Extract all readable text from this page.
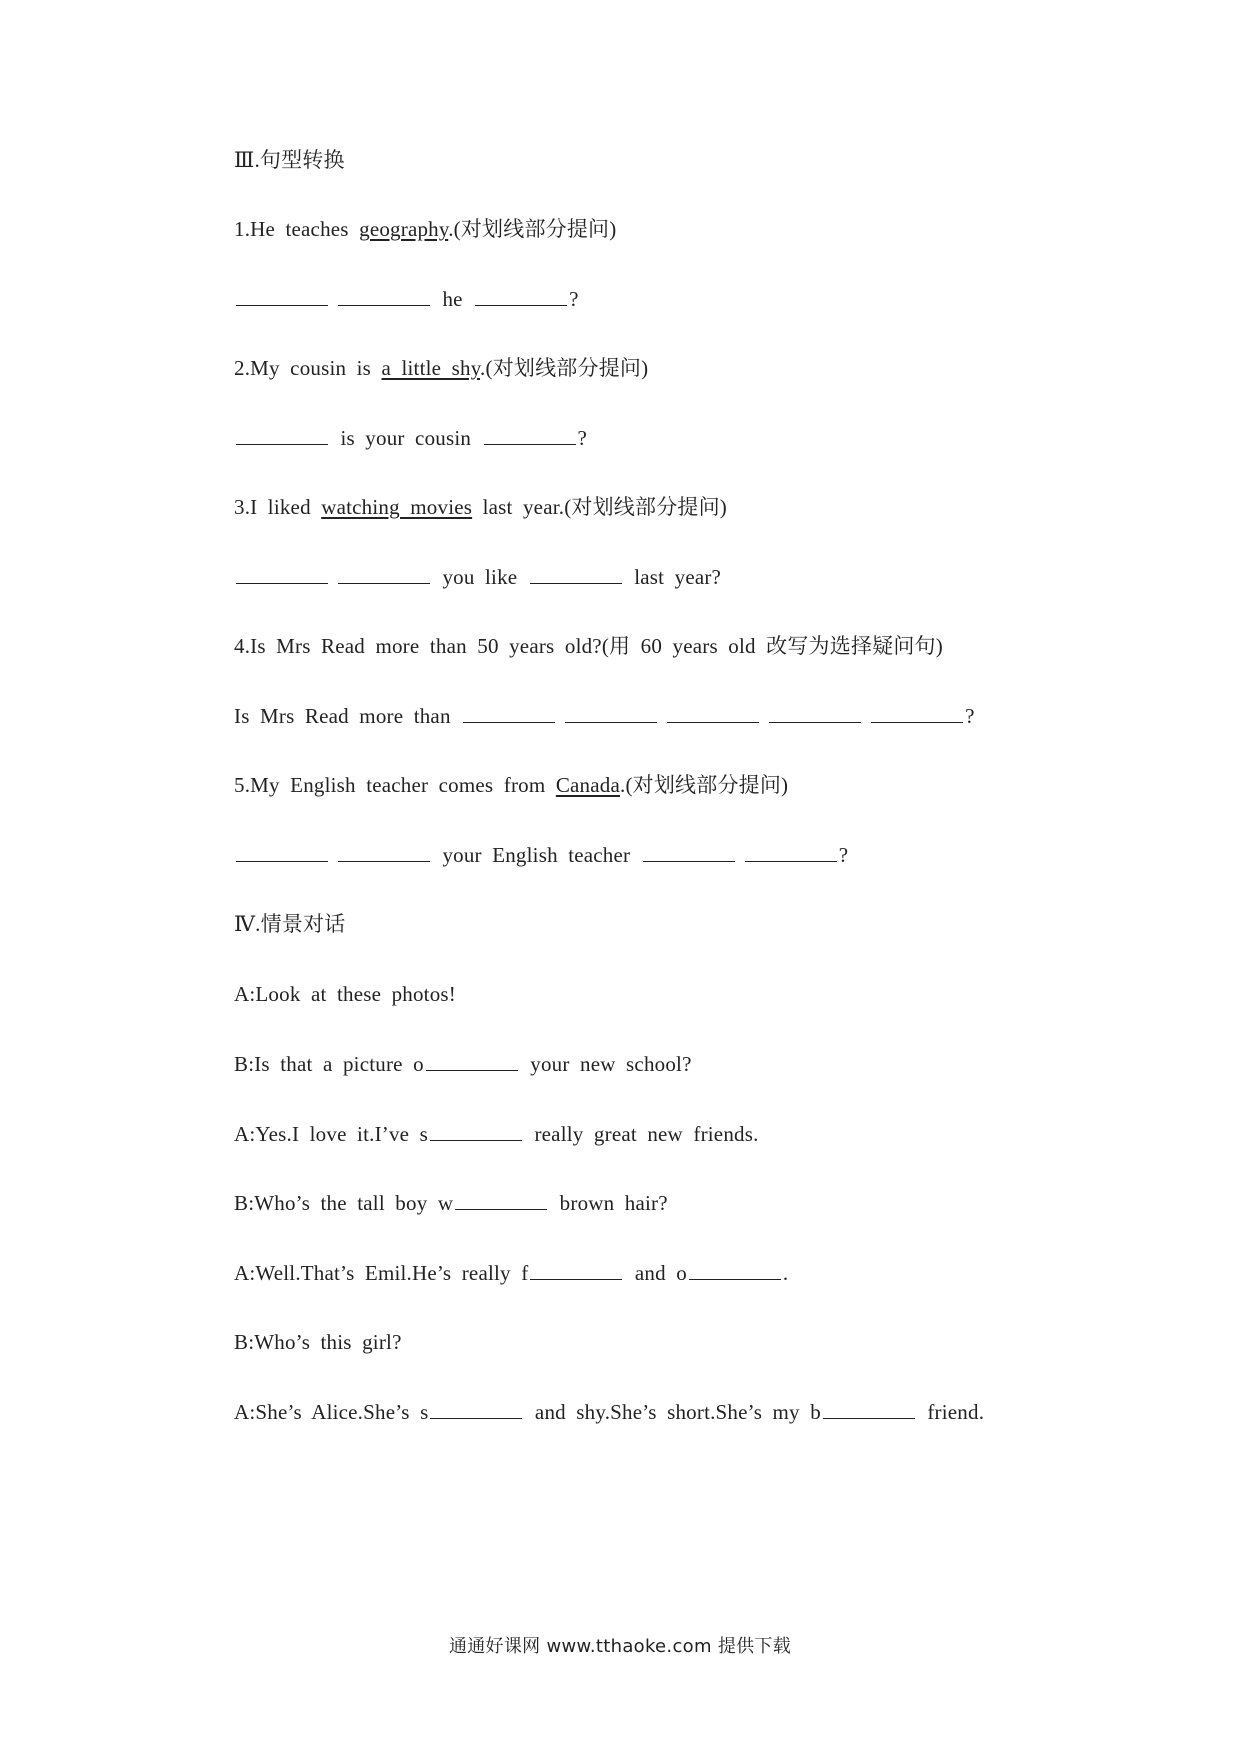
Ⅲ.句型转换
1.He teaches geography.(对划线部分提问)
he	?
2.My cousin is a little shy.(对划线部分提问)
is your cousin	?
3.I liked watching movies last year.(对划线部分提问)
you like	last year?
4.Is Mrs Read more than 50 years old?(用 60 years old 改写为选择疑问句)
Is Mrs Read more than	?
5.My English teacher comes from Canada.(对划线部分提问)
your English teacher	?
Ⅳ.情景对话
A:Look at these photos!
B:Is that a picture o	your new school?
A:Yes.I love it.I’ve s	really great new friends.
B:Who’s the tall boy w	brown hair?
A:Well.That’s Emil.He’s really f	and o	.
B:Who’s this girl?
A:She’s Alice.She’s s	and shy.She’s short.She’s my b	friend.
通通好课网 www.tthaoke.com 提供下载
